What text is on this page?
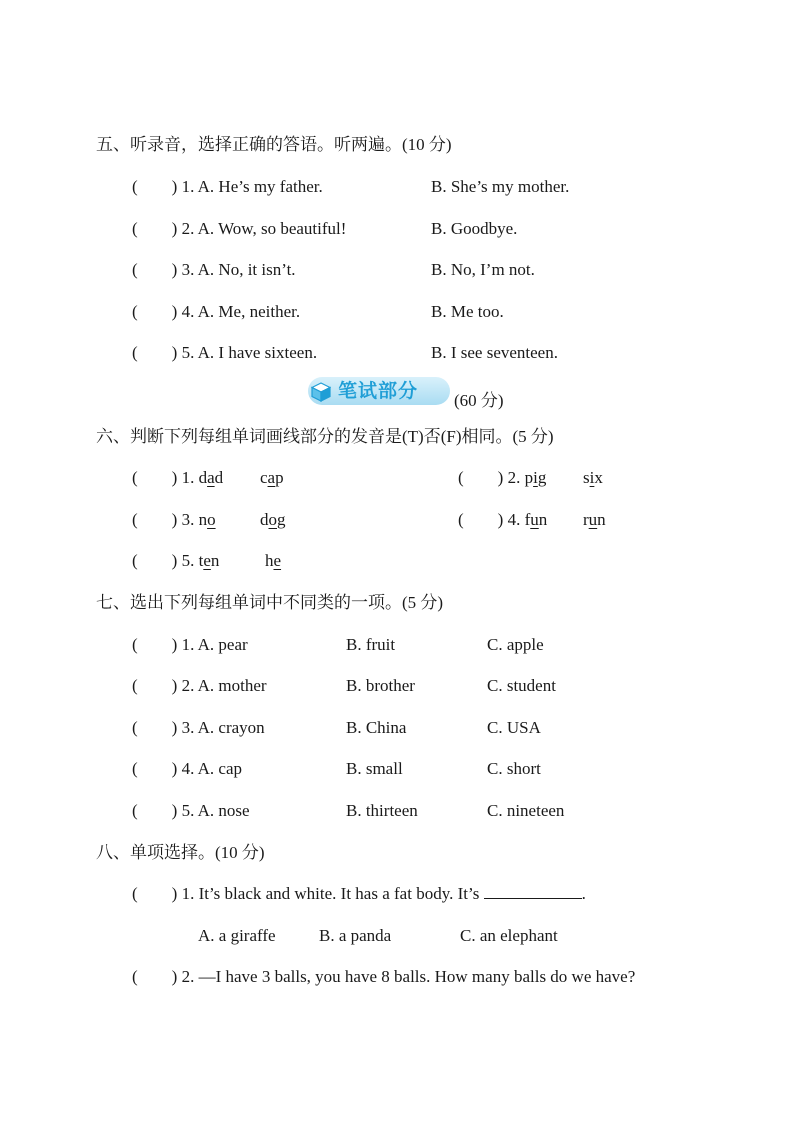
五、听录音，选择正确的答语。听两遍。(10 分)
(　　) 1. A. He’s my father.	B. She’s my mother.
(　　) 2. A. Wow, so beautiful!	B. Goodbye.
(　　) 3. A. No, it isn’t.	B. No, I’m not.
(　　) 4. A. Me, neither.	B. Me too.
(　　) 5. A. I have sixteen.	B. I see seventeen.
笔试部分 (60 分)
六、判断下列每组单词画线部分的发音是(T)否(F)相同。(5 分)
(　　) 1. dad cap	(　　) 2. pig six
(　　) 3. no	dog	(　　) 4. fun run
(　　) 5. ten	he
七、选出下列每组单词中不同类的一项。(5 分)
(　　) 1. A. pear	B. fruit	C. apple
(　　) 2. A. mother	B. brother	C. student
(　　) 3. A. crayon	B. China	C. USA
(　　) 4. A. cap	B. small	C. short
(　　) 5. A. nose	B. thirteen	C. nineteen
八、单项选择。(10 分)
(　　) 1. It’s black and white. It has a fat body. It’s	.
A. a giraffe	B. a panda	C. an elephant
(　　) 2. —I have 3 balls, you have 8 balls. How many balls do we have?
